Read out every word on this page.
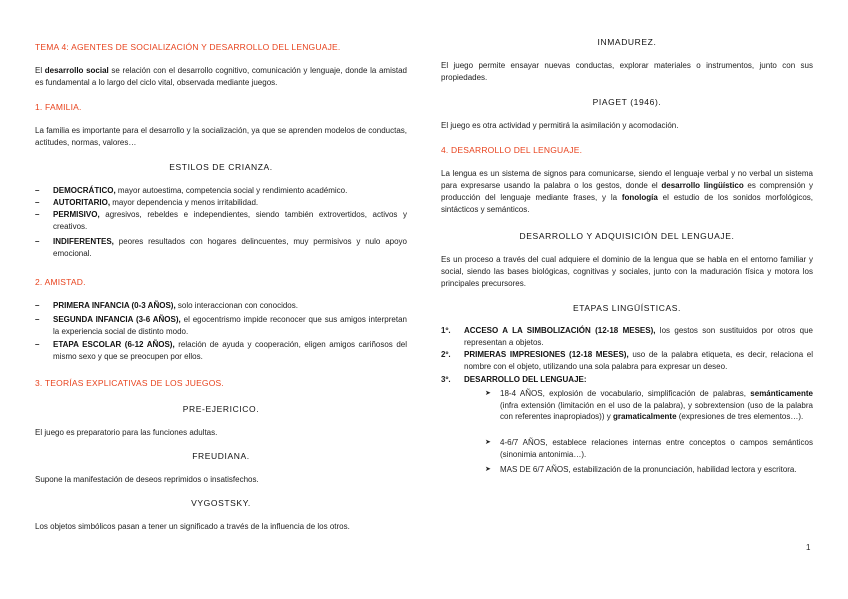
TEMA 4: AGENTES DE SOCIALIZACIÓN Y DESARROLLO DEL LENGUAJE.
El desarrollo social se relación con el desarrollo cognitivo, comunicación y lenguaje, donde la amistad es fundamental a lo largo del ciclo vital, observada mediante juegos.
1. FAMILIA.
La familia es importante para el desarrollo y la socialización, ya que se aprenden modelos de conductas, actitudes, normas, valores…
ESTILOS DE CRIANZA.
–	DEMOCRÁTICO, mayor autoestima, competencia social y rendimiento académico.
–	AUTORITARIO, mayor dependencia y menos irritabilidad.
–	PERMISIVO, agresivos, rebeldes e independientes, siendo también extrovertidos, activos y creativos.
–	INDIFERENTES, peores resultados con hogares delincuentes, muy permisivos y nulo apoyo emocional.
2. AMISTAD.
–	PRIMERA INFANCIA (0-3 AÑOS), solo interaccionan con conocidos.
–	SEGUNDA INFANCIA (3-6 AÑOS), el egocentrismo impide reconocer que sus amigos interpretan la experiencia social de distinto modo.
–	ETAPA ESCOLAR (6-12 AÑOS), relación de ayuda y cooperación, eligen amigos cariñosos del mismo sexo y que se preocupen por ellos.
3. TEORÍAS EXPLICATIVAS DE LOS JUEGOS.
PRE-EJERICICO.
El juego es preparatorio para las funciones adultas.
FREUDIANA.
Supone la manifestación de deseos reprimidos o insatisfechos.
VYGOSTSKY.
Los objetos simbólicos pasan a tener un significado a través de la influencia de los otros.
INMADUREZ.
El juego permite ensayar nuevas conductas, explorar materiales o instrumentos, junto con sus propiedades.
PIAGET (1946).
El juego es otra actividad y permitirá la asimilación y acomodación.
4. DESARROLLO DEL LENGUAJE.
La lengua es un sistema de signos para comunicarse, siendo el lenguaje verbal y no verbal un sistema para expresarse usando la palabra o los gestos, donde el desarrollo lingüístico es comprensión y producción del lenguaje mediante frases, y la fonología el estudio de los sonidos morfológicos, sintácticos y semánticos.
DESARROLLO Y ADQUISICIÓN DEL LENGUAJE.
Es un proceso a través del cual adquiere el dominio de la lengua que se habla en el entorno familiar y social, siendo las bases biológicas, cognitivas y sociales, junto con la maduración física y motora los principales precursores.
ETAPAS LINGÜÍSTICAS.
1º.	ACCESO A LA SIMBOLIZACIÓN (12-18 MESES), los gestos son sustituidos por otros que representan a objetos.
2º.	PRIMERAS IMPRESIONES (12-18 MESES), uso de la palabra etiqueta, es decir, relaciona el nombre con el objeto, utilizando una sola palabra para expresar un deseo.
3º.	DESARROLLO DEL LENGUAJE:
➤ 18-4 AÑOS, explosión de vocabulario, simplificación de palabras, semánticamente (infra extensión (limitación en el uso de la palabra), y sobrextension (uso de la palabra con referentes inapropiados)) y gramaticalmente (expresiones de tres elementos…).
➤ 4-6/7 AÑOS, establece relaciones internas entre conceptos o campos semánticos (sinonimia antonimia…).
➤ MAS DE 6/7 AÑOS, estabilización de la pronunciación, habilidad lectora y escritora.
1
